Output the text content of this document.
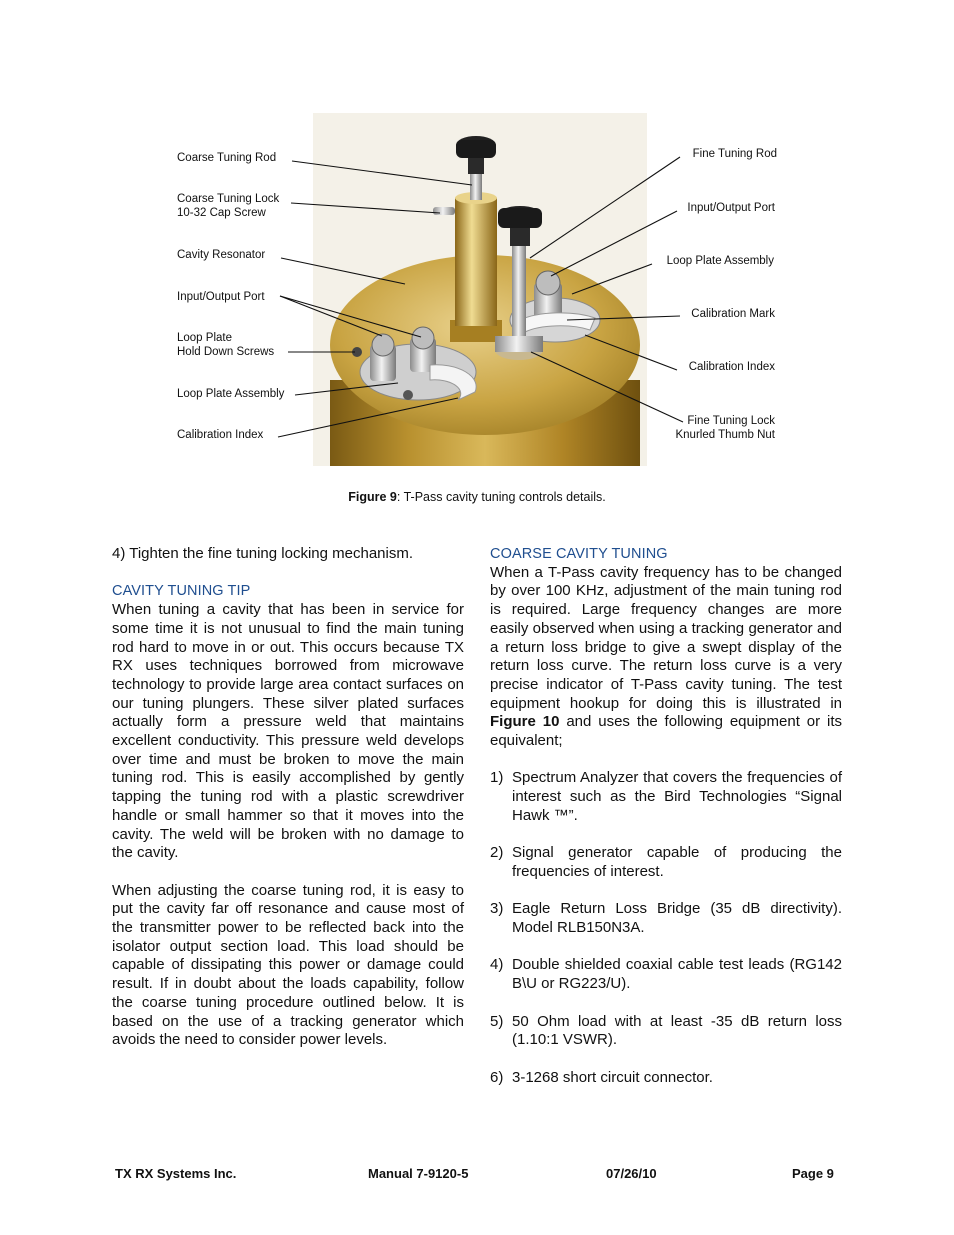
Coarse Tuning Rod
Coarse Tuning Lock
10-32 Cap Screw
Cavity Resonator
Input/Output Port
Loop Plate
Hold Down Screws
Loop Plate Assembly
Calibration Index
Fine Tuning Rod
Input/Output Port
Loop Plate Assembly
Calibration Mark
Calibration Index
Fine Tuning Lock
Knurled Thumb Nut
Figure 9: T-Pass cavity tuning controls details.
4) Tighten the fine tuning locking mechanism.
CAVITY TUNING TIP
When tuning a cavity that has been in service for some time it is not unusual to find the main tuning rod hard to move in or out. This occurs because TX RX uses techniques borrowed from microwave technology to provide large area contact surfaces on our tuning plungers. These silver plated surfaces actually form a pressure weld that maintains excellent conductivity. This pressure weld develops over time and must be broken to move the main tuning rod. This is easily accomplished by gently tapping the tuning rod with a plastic screwdriver handle or small hammer so that it moves into the cavity. The weld will be broken with no damage to the cavity.
When adjusting the coarse tuning rod, it is easy to put the cavity far off resonance and cause most of the transmitter power to be reflected back into the isolator output section load. This load should be capable of dissipating this power or damage could result. If in doubt about the loads capability, follow the coarse tuning procedure outlined below. It is based on the use of a tracking generator which avoids the need to consider power levels.
COARSE CAVITY TUNING
When a T-Pass cavity frequency has to be changed by over 100 KHz, adjustment of the main tuning rod is required. Large frequency changes are more easily observed when using a tracking generator and a return loss bridge to give a swept display of the return loss curve. The return loss curve is a very precise indicator of T-Pass cavity tuning. The test equipment hookup for doing this is illustrated in Figure 10 and uses the following equipment or its equivalent;
1) Spectrum Analyzer that covers the frequencies of interest such as the Bird Technologies “Signal Hawk ™”.
2) Signal generator capable of producing the frequencies of interest.
3) Eagle Return Loss Bridge (35 dB directivity). Model RLB150N3A.
4) Double shielded coaxial cable test leads (RG142 B\U or RG223/U).
5) 50 Ohm load with at least -35 dB return loss (1.10:1 VSWR).
6) 3-1268 short circuit connector.
TX RX Systems Inc.	Manual 7-9120-5	07/26/10	Page 9
